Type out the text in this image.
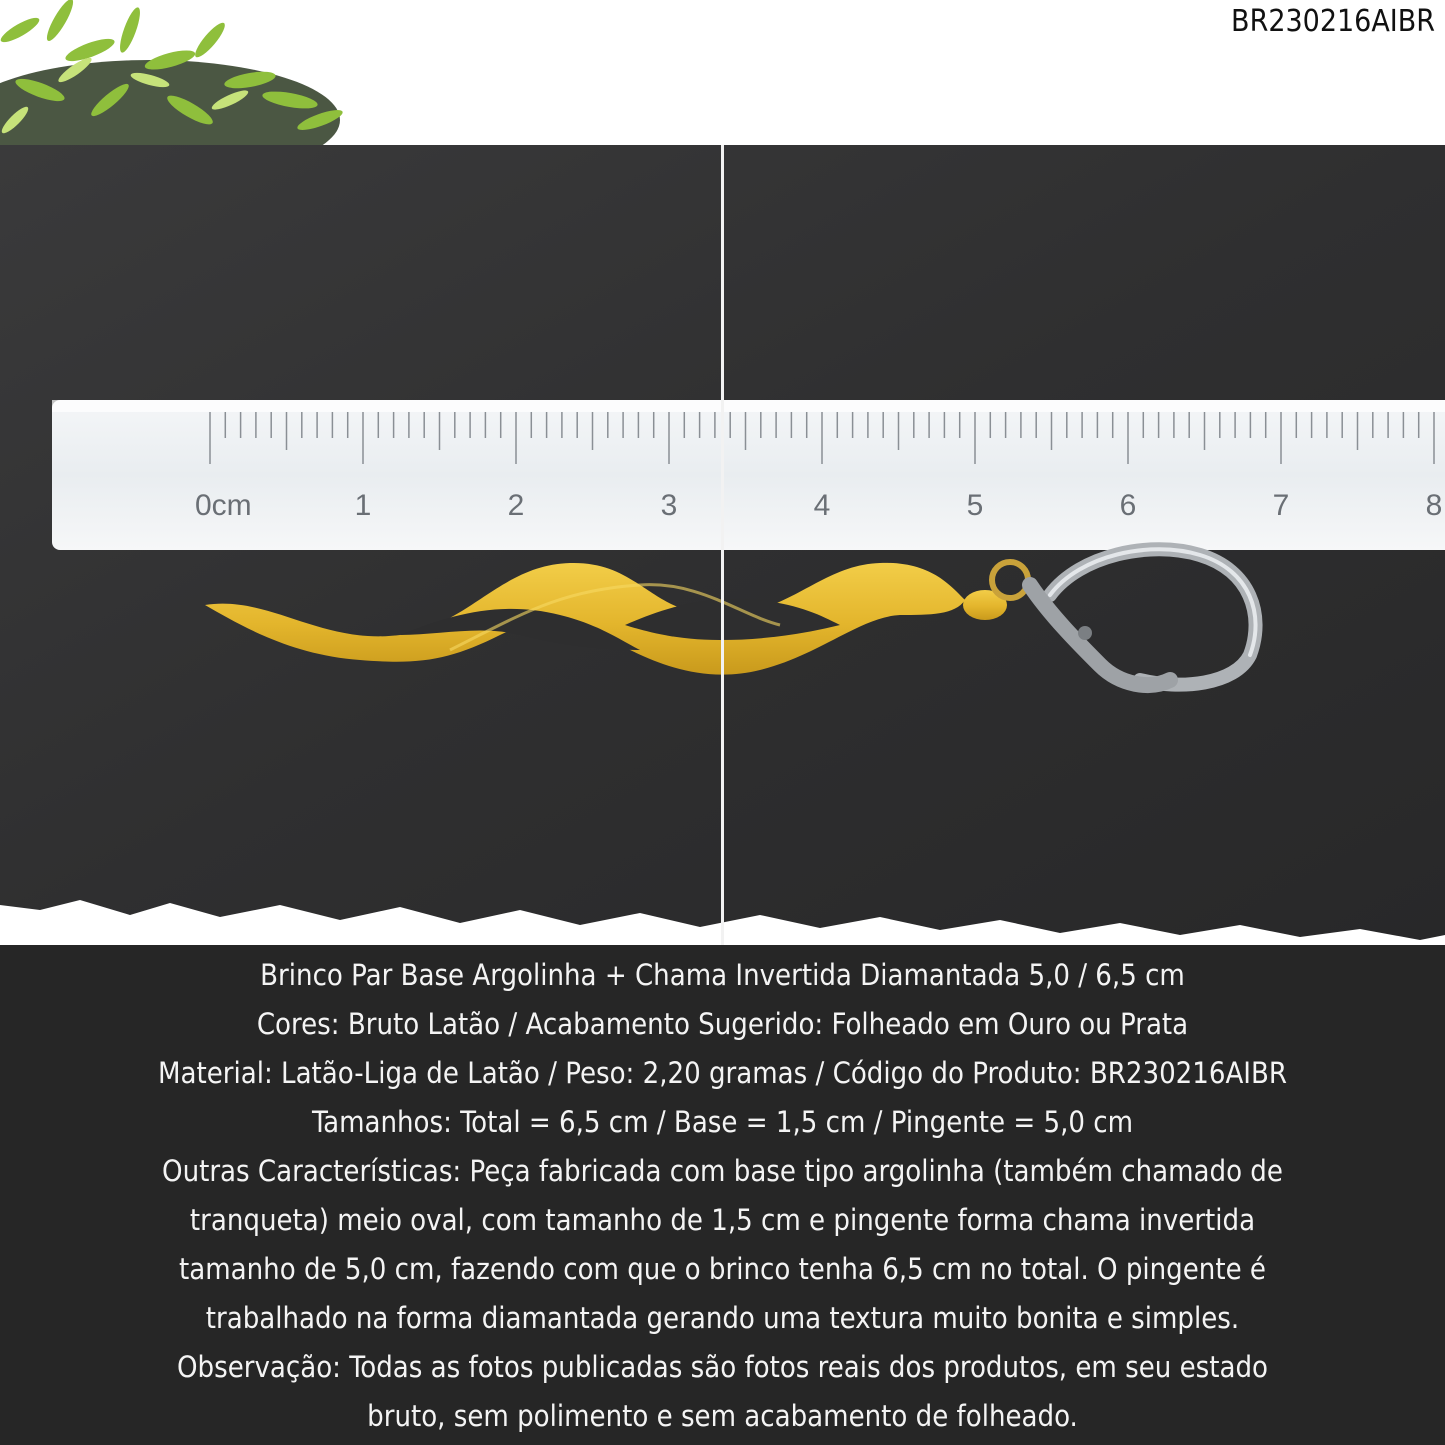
BR230216AIBR
0cm	1	2	3	4	5	6	7	8
Brinco Par Base Argolinha + Chama Invertida Diamantada 5,0 / 6,5 cm
Cores: Bruto Latão / Acabamento Sugerido: Folheado em Ouro ou Prata
Material: Latão-Liga de Latão / Peso: 2,20 gramas / Código do Produto: BR230216AIBR
Tamanhos: Total = 6,5 cm / Base = 1,5 cm / Pingente = 5,0 cm
Outras Características: Peça fabricada com base tipo argolinha (também chamado de
tranqueta) meio oval, com tamanho de 1,5 cm e pingente forma chama invertida
tamanho de 5,0 cm, fazendo com que o brinco tenha 6,5 cm no total. O pingente é
trabalhado na forma diamantada gerando uma textura muito bonita e simples.
Observação: Todas as fotos publicadas são fotos reais dos produtos, em seu estado
bruto, sem polimento e sem acabamento de folheado.
